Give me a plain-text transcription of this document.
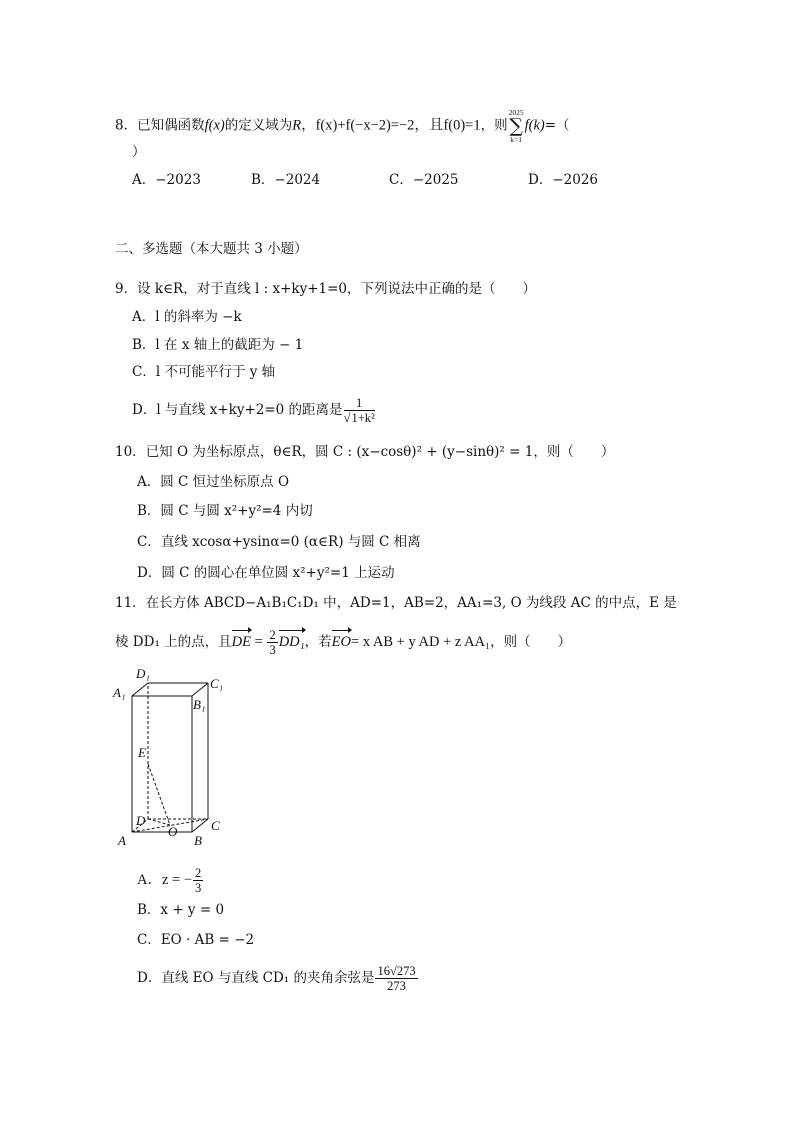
8．已知偶函数f(x)的定义域为R，f(x)+f(−x−2)=−2，且f(0)=1，则
2025
∑
k=1
f(k)=（
）
A．−2023	B．−2024	C．−2025	D．−2026
二、多选题（本大题共 3 小题）
9．设 k∈R，对于直线 l : x+ky+1=0，下列说法中正确的是（　　）
A．l 的斜率为 −k
B．l 在 x 轴上的截距为 − 1
C．l 不可能平行于 y 轴
D．l 与直线 x+ky+2=0 的距离是 $\frac{1}{\text{√1+k²}}$
10．已知 O 为坐标原点，θ∈R，圆 C : (x−cosθ)² + (y−sinθ)² = 1，则（　　）
A．圆 C 恒过坐标原点 O
B．圆 C 与圆 x²+y²=4 内切
C．直线 xcosα+ysinα=0 (α∈R) 与圆 C 相离
D．圆 C 的圆心在单位圆 x²+y²=1 上运动
11．在长方体 ABCD−A₁B₁C₁D₁ 中，AD=1，AB=2，AA₁=3, O 为线段 AC 的中点，E 是
棱 DD₁ 上的点，且DE = $\frac{2}{3} DD_1$，若EO= x AB + y AD + z AA₁，则（　　）
D₁
C₁
A₁
B₁
E
D
O	C
A	B
A．z = − $\frac{2}{3}$
B．x + y = 0
C．EO · AB = −2
D．直线 EO 与直线 CD₁ 的夹角余弦是 $\frac{16√273}{273}$
